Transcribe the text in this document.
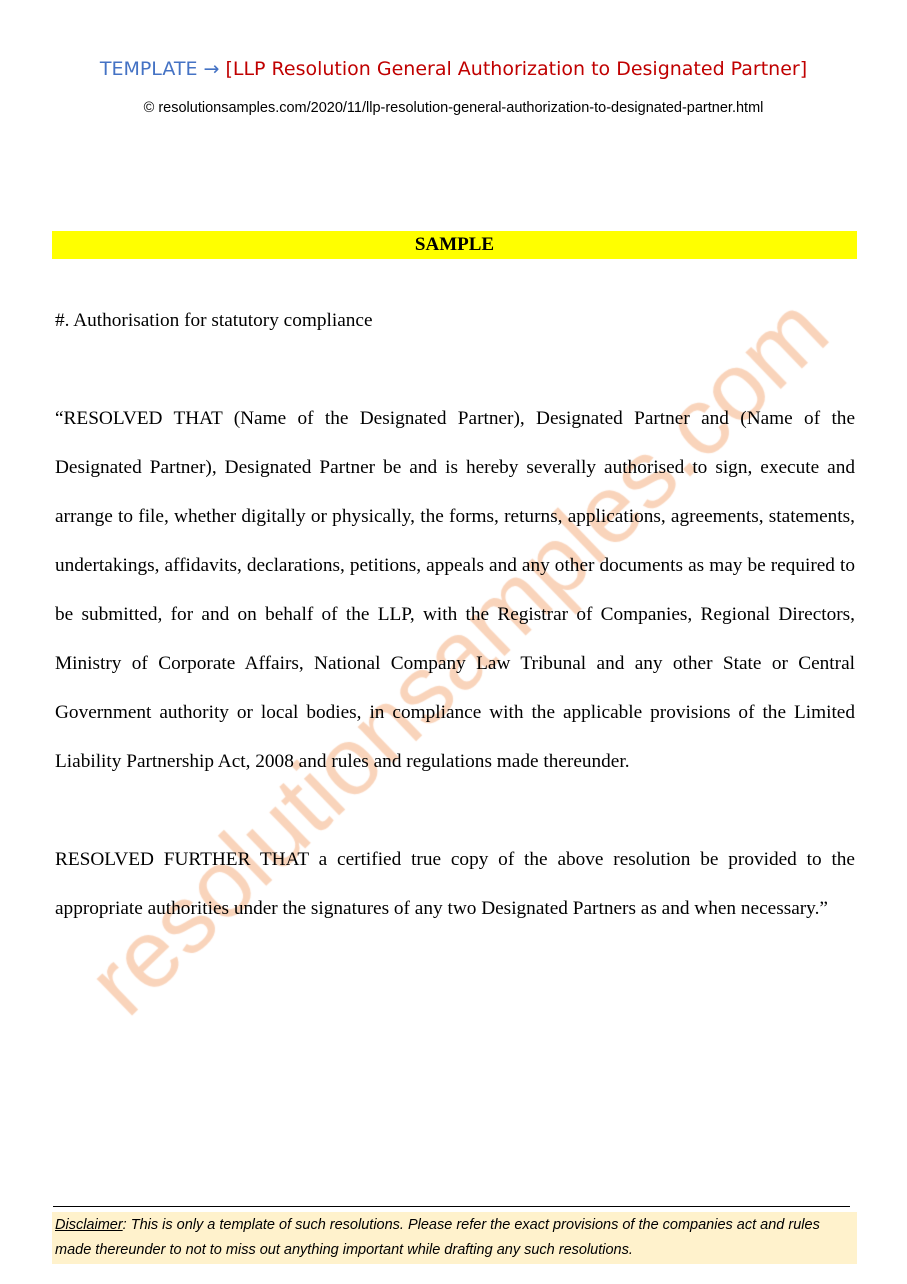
TEMPLATE → [LLP Resolution General Authorization to Designated Partner]
© resolutionsamples.com/2020/11/llp-resolution-general-authorization-to-designated-partner.html
SAMPLE
#. Authorisation for statutory compliance
“RESOLVED THAT (Name of the Designated Partner), Designated Partner and (Name of the Designated Partner), Designated Partner be and is hereby severally authorised to sign, execute and arrange to file, whether digitally or physically, the forms, returns, applications, agreements, statements, undertakings, affidavits, declarations, petitions, appeals and any other documents as may be required to be submitted, for and on behalf of the LLP, with the Registrar of Companies, Regional Directors, Ministry of Corporate Affairs, National Company Law Tribunal and any other State or Central Government authority or local bodies, in compliance with the applicable provisions of the Limited Liability Partnership Act, 2008 and rules and regulations made thereunder.
RESOLVED FURTHER THAT a certified true copy of the above resolution be provided to the appropriate authorities under the signatures of any two Designated Partners as and when necessary.”
Disclaimer: This is only a template of such resolutions. Please refer the exact provisions of the companies act and rules made thereunder to not to miss out anything important while drafting any such resolutions.
